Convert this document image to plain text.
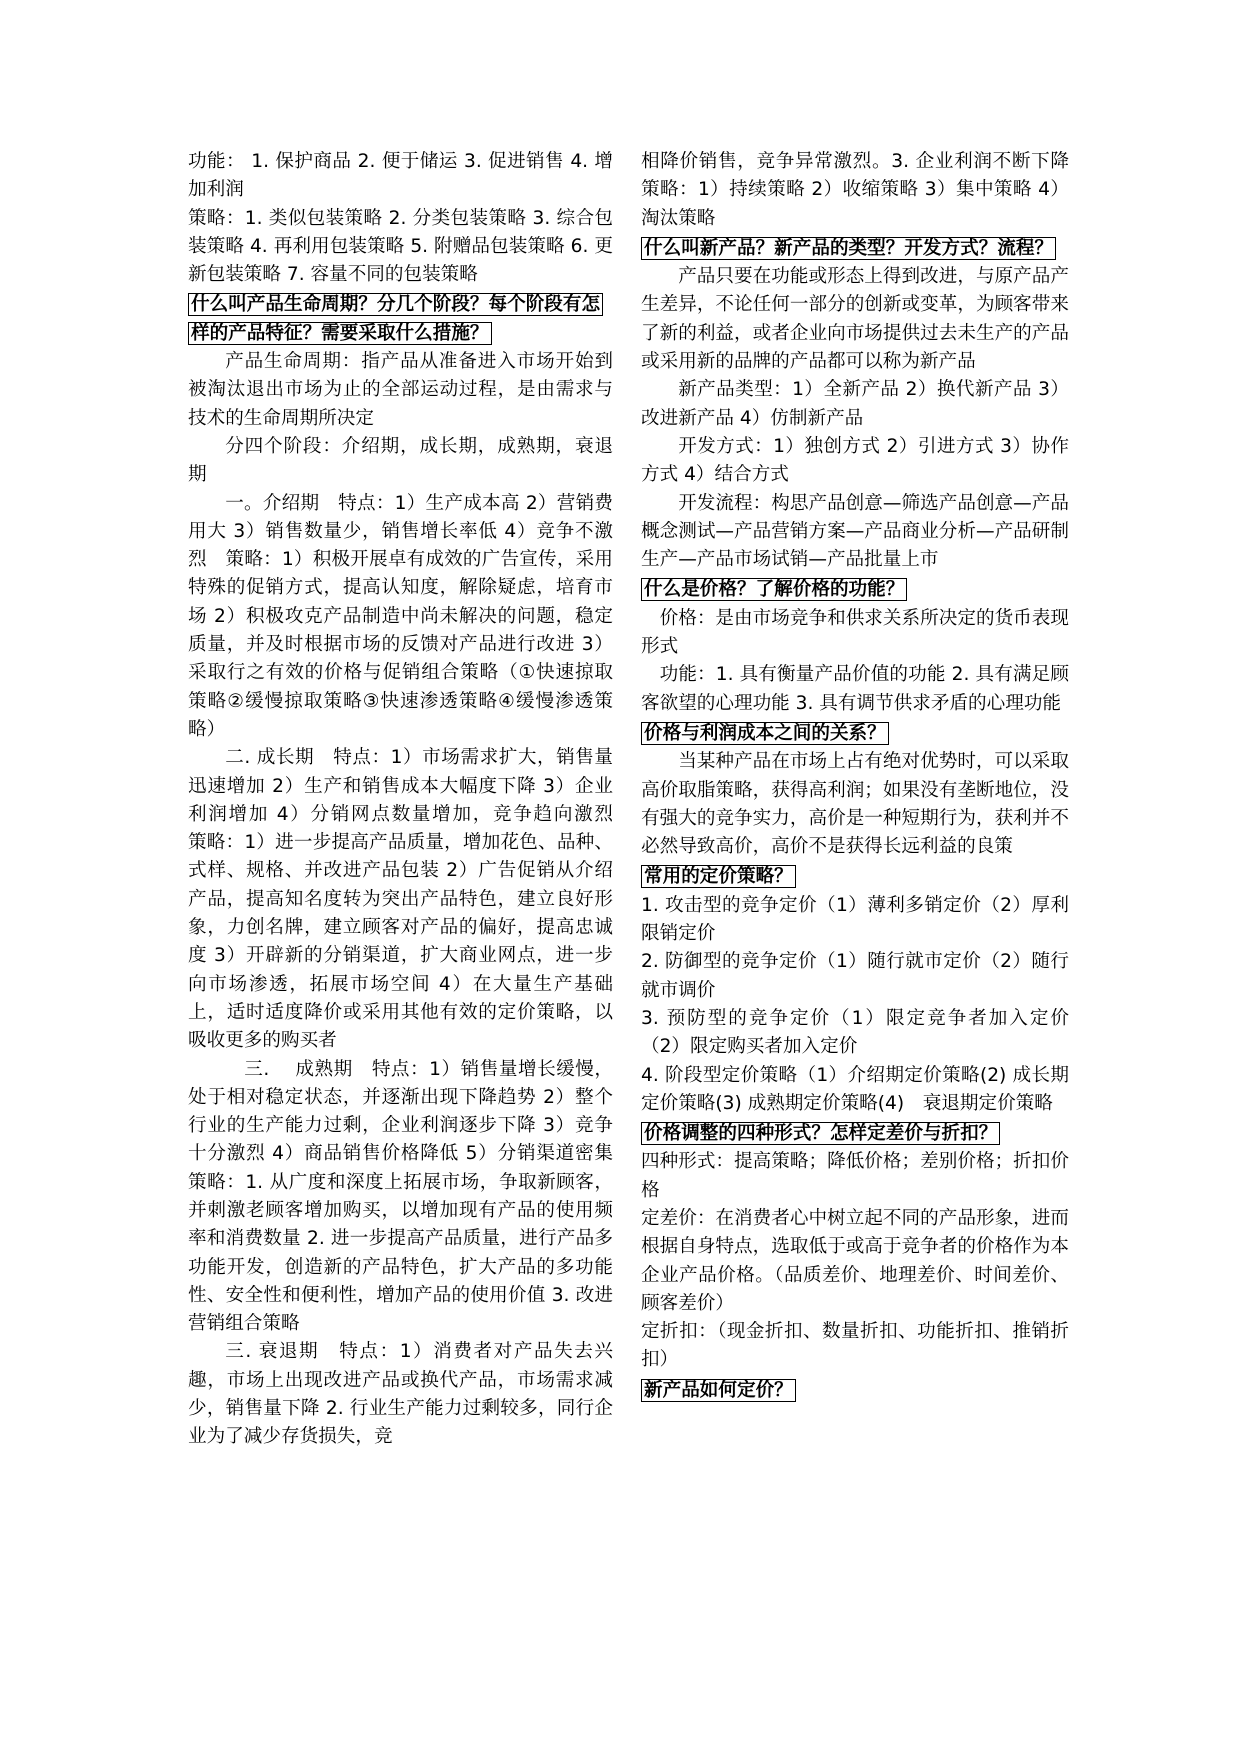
功能： 1. 保护商品 2. 便于储运 3. 促进销售 4. 增加利润

策略：1. 类似包装策略 2. 分类包装策略 3. 综合包装策略 4. 再利用包装策略 5. 附赠品包装策略 6. 更新包装策略 7. 容量不同的包装策略

什么叫产品生命周期？分几个阶段？每个阶段有怎样的产品特征？需要采取什么措施？

产品生命周期：指产品从准备进入市场开始到被淘汰退出市场为止的全部运动过程，是由需求与技术的生命周期所决定

分四个阶段：介绍期，成长期，成熟期，衰退期

一。介绍期　特点：1）生产成本高 2）营销费用大 3）销售数量少，销售增长率低 4）竞争不激烈　策略：1）积极开展卓有成效的广告宣传，采用特殊的促销方式，提高认知度，解除疑虑，培育市场 2）积极攻克产品制造中尚未解决的问题，稳定质量，并及时根据市场的反馈对产品进行改进 3）采取行之有效的价格与促销组合策略（①快速掠取策略②缓慢掠取策略③快速渗透策略④缓慢渗透策略）

二. 成长期　特点：1）市场需求扩大，销售量迅速增加 2）生产和销售成本大幅度下降 3）企业利润增加 4）分销网点数量增加，竞争趋向激烈　策略：1）进一步提高产品质量，增加花色、品种、式样、规格、并改进产品包装 2）广告促销从介绍产品，提高知名度转为突出产品特色，建立良好形象，力创名牌，建立顾客对产品的偏好，提高忠诚度 3）开辟新的分销渠道，扩大商业网点，进一步向市场渗透，拓展市场空间 4）在大量生产基础上，适时适度降价或采用其他有效的定价策略，以吸收更多的购买者

　三.　 成熟期　特点：1）销售量增长缓慢，处于相对稳定状态，并逐渐出现下降趋势 2）整个行业的生产能力过剩，企业利润逐步下降 3）竞争十分激烈 4）商品销售价格降低 5）分销渠道密集　　策略：1. 从广度和深度上拓展市场，争取新顾客，并刺激老顾客增加购买，以增加现有产品的使用频率和消费数量 2. 进一步提高产品质量，进行产品多功能开发，创造新的产品特色，扩大产品的多功能性、安全性和便利性，增加产品的使用价值 3. 改进营销组合策略

三. 衰退期　特点：1）消费者对产品失去兴趣，市场上出现改进产品或换代产品，市场需求减少，销售量下降 2. 行业生产能力过剩较多，同行企业为了减少存货损失，竞

相降价销售，竞争异常激烈。3. 企业利润不断下降　策略：1）持续策略 2）收缩策略 3）集中策略 4）淘汰策略

什么叫新产品？新产品的类型？开发方式？流程？

产品只要在功能或形态上得到改进，与原产品产生差异，不论任何一部分的创新或变革，为顾客带来了新的利益，或者企业向市场提供过去未生产的产品或采用新的品牌的产品都可以称为新产品

新产品类型：1）全新产品 2）换代新产品 3）改进新产品 4）仿制新产品

开发方式：1）独创方式 2）引进方式 3）协作方式 4）结合方式

开发流程：构思产品创意—筛选产品创意—产品概念测试—产品营销方案—产品商业分析—产品研制生产—产品市场试销—产品批量上市

什么是价格？了解价格的功能？

价格：是由市场竞争和供求关系所决定的货币表现形式

功能：1. 具有衡量产品价值的功能 2. 具有满足顾客欲望的心理功能 3. 具有调节供求矛盾的心理功能

价格与利润成本之间的关系？

当某种产品在市场上占有绝对优势时，可以采取高价取脂策略，获得高利润；如果没有垄断地位，没有强大的竞争实力，高价是一种短期行为，获利并不必然导致高价，高价不是获得长远利益的良策

常用的定价策略？

1. 攻击型的竞争定价（1）薄利多销定价（2）厚利限销定价

2. 防御型的竞争定价（1）随行就市定价（2）随行就市调价

3. 预防型的竞争定价（1）限定竞争者加入定价　（2）限定购买者加入定价

4. 阶段型定价策略（1）介绍期定价策略(2) 成长期定价策略(3) 成熟期定价策略(4)　衰退期定价策略

价格调整的四种形式？怎样定差价与折扣？

四种形式：提高策略；降低价格；差别价格；折扣价格

定差价：在消费者心中树立起不同的产品形象，进而根据自身特点，选取低于或高于竞争者的价格作为本企业产品价格。（品质差价、地理差价、时间差价、顾客差价）

定折扣：（现金折扣、数量折扣、功能折扣、推销折扣）

新产品如何定价？
